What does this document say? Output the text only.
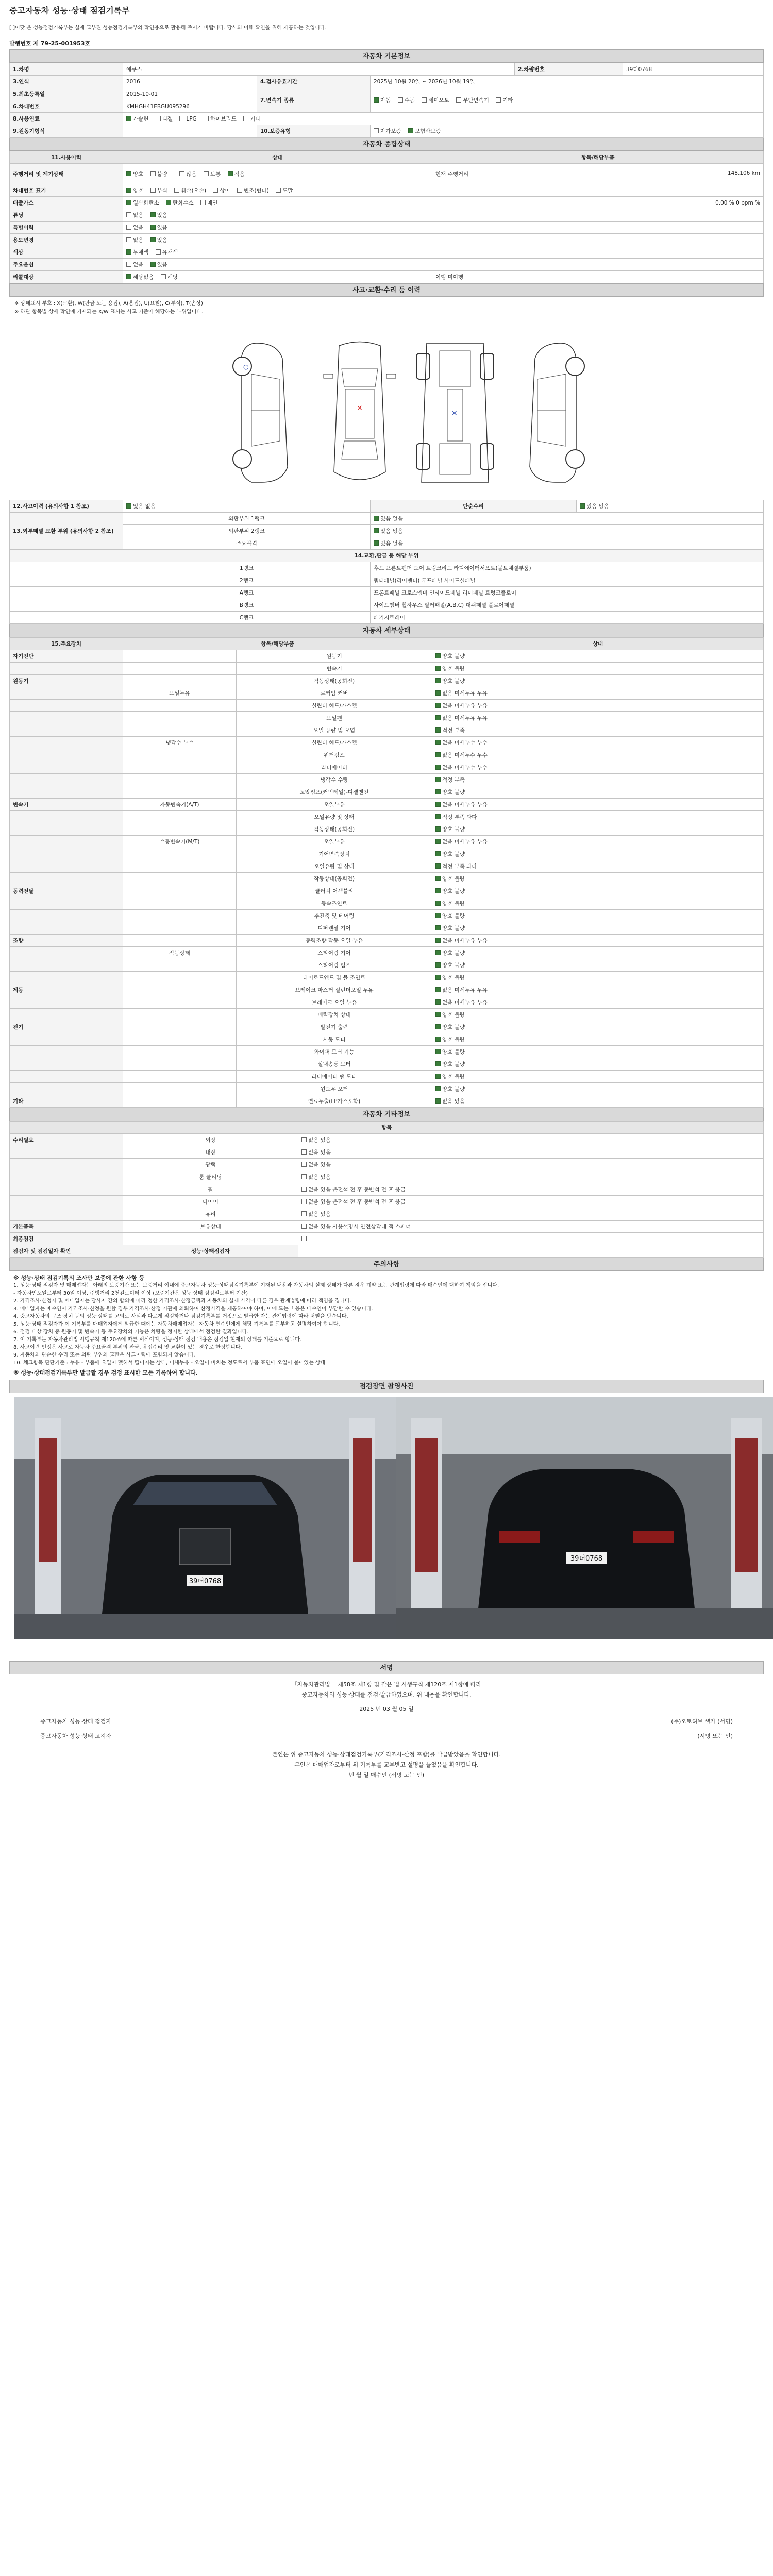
중고자동차 성능·상태 점검기록부
[ ]이닷 온 성능점검기록부는 실제 교부된 성능점검기록부의 확인용으로 활용해 주시기 바랍니다. 당사의 이해 확인을 위해 제공하는 것입니다.
발행번호 제 79-25-001953호
자동차 기본정보
1.차명	에쿠스			2.차량번호	39더0768
3.연식	2016	4.검사유효기간	2025년 10월 20일 ~ 2026년 10월 19일		
5.최초등록일	2015-10-01	7.변속기 종류	자동 수동 세미오토 무단변속기 기타		
6.차대번호	KMHGH41EBGU095296				
8.사용연료	가솔린 디젤 LPG 하이브리드 기타				
9.원동기형식		10.보증유형	자가보증 보험사보증		
자동차 종합상태
11.사용이력	상태	항목/해당부품
주행거리 및 계기상태	양호 불량 많음 보통 적음	현재 주행거리 148,106 km

차대번호 표기	양호 부식 훼손(오손) 상이 변조(변타) 도말	
배출가스	일산화탄소 탄화수소 매연	0.00 % 0 ppm %
튜닝	없음 있음	
특별이력	없음 있음	
용도변경	없음 있음	
색상	무채색 유채색	
주요옵션	없음 있음	
리콜대상	해당없음 해당	이행 미이행
사고·교환·수리 등 이력
※ 상태표시 부호 : X(교환), W(판금 또는 용접), A(흠집), U(요철), C(부식), T(손상)
※ 하단 항목별 상세 확인에 기재되는 X/W 표시는 사고 기준에 해당하는 부위입니다.
○
×
×
12.사고이력 (유의사항 1 참조)	있음 없음	단순수리	있음 없음
13.외부패널 교환 부위 (유의사항 2 참조)	외판부위 1랭크	있음 없음	
	외판부위 2랭크	있음 없음	
	주요골격	있음 없음	
14.교환,판금 등 해당 부위			
	1랭크	후드 프론트펜더 도어 트렁크리드 라디에이터서포트(볼트체결부품)	
	2랭크	쿼터패널(리어펜더) 루프패널 사이드실패널	
	A랭크	프론트패널 크로스멤버 인사이드패널 리어패널 트렁크플로어	
	B랭크	사이드멤버 휠하우스 필러패널(A,B,C) 대쉬패널 플로어패널	
	C랭크	패키지트레이	
자동차 세부상태
15.주요장치	항목/해당부품		상태
자기진단		원동기	양호 불량
		변속기	양호 불량
원동기		작동상태(공회전)	양호 불량
	오일누유	로커암 커버	없음 미세누유 누유
		실린더 헤드/가스켓	없음 미세누유 누유
		오일팬	없음 미세누유 누유
		오일 유량 및 오염	적정 부족
	냉각수 누수	실린더 헤드/가스켓	없음 미세누수 누수
		워터펌프	없음 미세누수 누수
		라디에이터	없음 미세누수 누수
		냉각수 수량	적정 부족
		고압펌프(커먼레일)-디젤엔진	양호 불량
변속기	자동변속기(A/T)	오일누유	없음 미세누유 누유
		오일유량 및 상태	적정 부족 과다
		작동상태(공회전)	양호 불량
	수동변속기(M/T)	오일누유	없음 미세누유 누유
		기어변속장치	양호 불량
		오일유량 및 상태	적정 부족 과다
		작동상태(공회전)	양호 불량
동력전달		클러치 어셈블리	양호 불량
		등속조인트	양호 불량
		추진축 및 베어링	양호 불량
		디퍼렌셜 기어	양호 불량
조향		동력조향 작동 오일 누유	없음 미세누유 누유
	작동상태	스티어링 기어	양호 불량
		스티어링 펌프	양호 불량
		타이로드엔드 및 볼 조인트	양호 불량
제동		브레이크 마스터 실린더오일 누유	없음 미세누유 누유
		브레이크 오일 누유	없음 미세누유 누유
		배력장치 상태	양호 불량
전기		발전기 출력	양호 불량
		시동 모터	양호 불량
		와이퍼 모터 기능	양호 불량
		실내송풍 모터	양호 불량
		라디에이터 팬 모터	양호 불량
		윈도우 모터	양호 불량
기타		연료누출(LP가스포함)	없음 있음
자동차 기타정보
항목		
수리필요	외장	없음 있음
	내장	없음 있음
	광택	없음 있음
	룸 클리닝	없음 있음
	휠	없음 있음 운전석 전 후 동반석 전 후 응급
	타이어	없음 있음 운전석 전 후 동반석 전 후 응급
	유리	없음 있음
기본품목	보유상태	없음 있음 사용설명서 안전삼각대 잭 스패너
최종점검		
점검자 및 점검일자 확인	성능·상태점검자	
주의사항
※ 성능·상태 점검기록의 조사만 보증에 관한 사항 등
1. 성능·상태 점검자 및 매매업자는 아래의 보증기간 또는 보증거리 이내에 중고자동차 성능·상태점검기록부에 기재된 내용과 자동차의 실제 상태가 다른 경우 계약 또는 관계법령에 따라 매수인에 대하여 책임을 집니다.
- 자동차인도일로부터 30일 이상, 주행거리 2천킬로미터 이상 (보증기간은 성능·상태 점검일로부터 기산)
2. 가격조사·산정자 및 매매업자는 당사자 간의 합의에 따라 정한 가격조사·산정금액과 자동차의 실제 가격이 다른 경우 관계법령에 따라 책임을 집니다.
3. 매매업자는 매수인이 가격조사·산정을 원할 경우 가격조사·산정 기관에 의뢰하여 산정가격을 제공하여야 하며, 이에 드는 비용은 매수인이 부담할 수 있습니다.
4. 중고자동차의 구조·장치 등의 성능·상태를 고의로 사실과 다르게 점검하거나 점검기록부를 거짓으로 발급한 자는 관계법령에 따라 처벌을 받습니다.
5. 성능·상태 점검자가 이 기록부를 매매업자에게 발급한 때에는 자동차매매업자는 자동차 인수인에게 해당 기록부를 교부하고 설명하여야 합니다.
6. 점검 대상 장치 중 원동기 및 변속기 등 주요장치의 기능은 차량을 정지한 상태에서 점검한 결과입니다.
7. 이 기록부는 자동차관리법 시행규칙 제120조에 따른 서식이며, 성능·상태 점검 내용은 점검일 현재의 상태를 기준으로 합니다.
8. 사고이력 인정은 사고로 자동차 주요골격 부위의 판금, 용접수리 및 교환이 있는 경우로 한정합니다.
9. 자동차의 단순한 수리 또는 외판 부위의 교환은 사고이력에 포함되지 않습니다.
10. 체크항목 판단기준 : 누유 - 부품에 오일이 맺혀서 떨어지는 상태, 미세누유 - 오일이 비치는 정도로서 부품 표면에 오일이 묻어있는 상태
※ 성능·상태점검기록부만 발급할 경우 검정 표시한 모든 기록하여 합니다.
점검장면 촬영사진
39더0768
39더0768
서명
「자동차관리법」 제58조 제1항 및 같은 법 시행규칙 제120조 제1항에 따라
중고자동차의 성능·상태를 점검·발급하였으며, 위 내용을 확인합니다.
2025 년 03 월 05 일
중고자동차 성능·상태 점검자	(주)오토허브 셀카 (서명)
중고자동차 성능·상태 고지자	(서명 또는 인)
본인은 위 중고자동차 성능·상태점검기록부(가격조사·산정 포함)를 발급받았음을 확인합니다.
본인은 매매업자로부터 위 기록부를 교부받고 설명을 들었음을 확인합니다.
년 월 일 매수인 (서명 또는 인)
